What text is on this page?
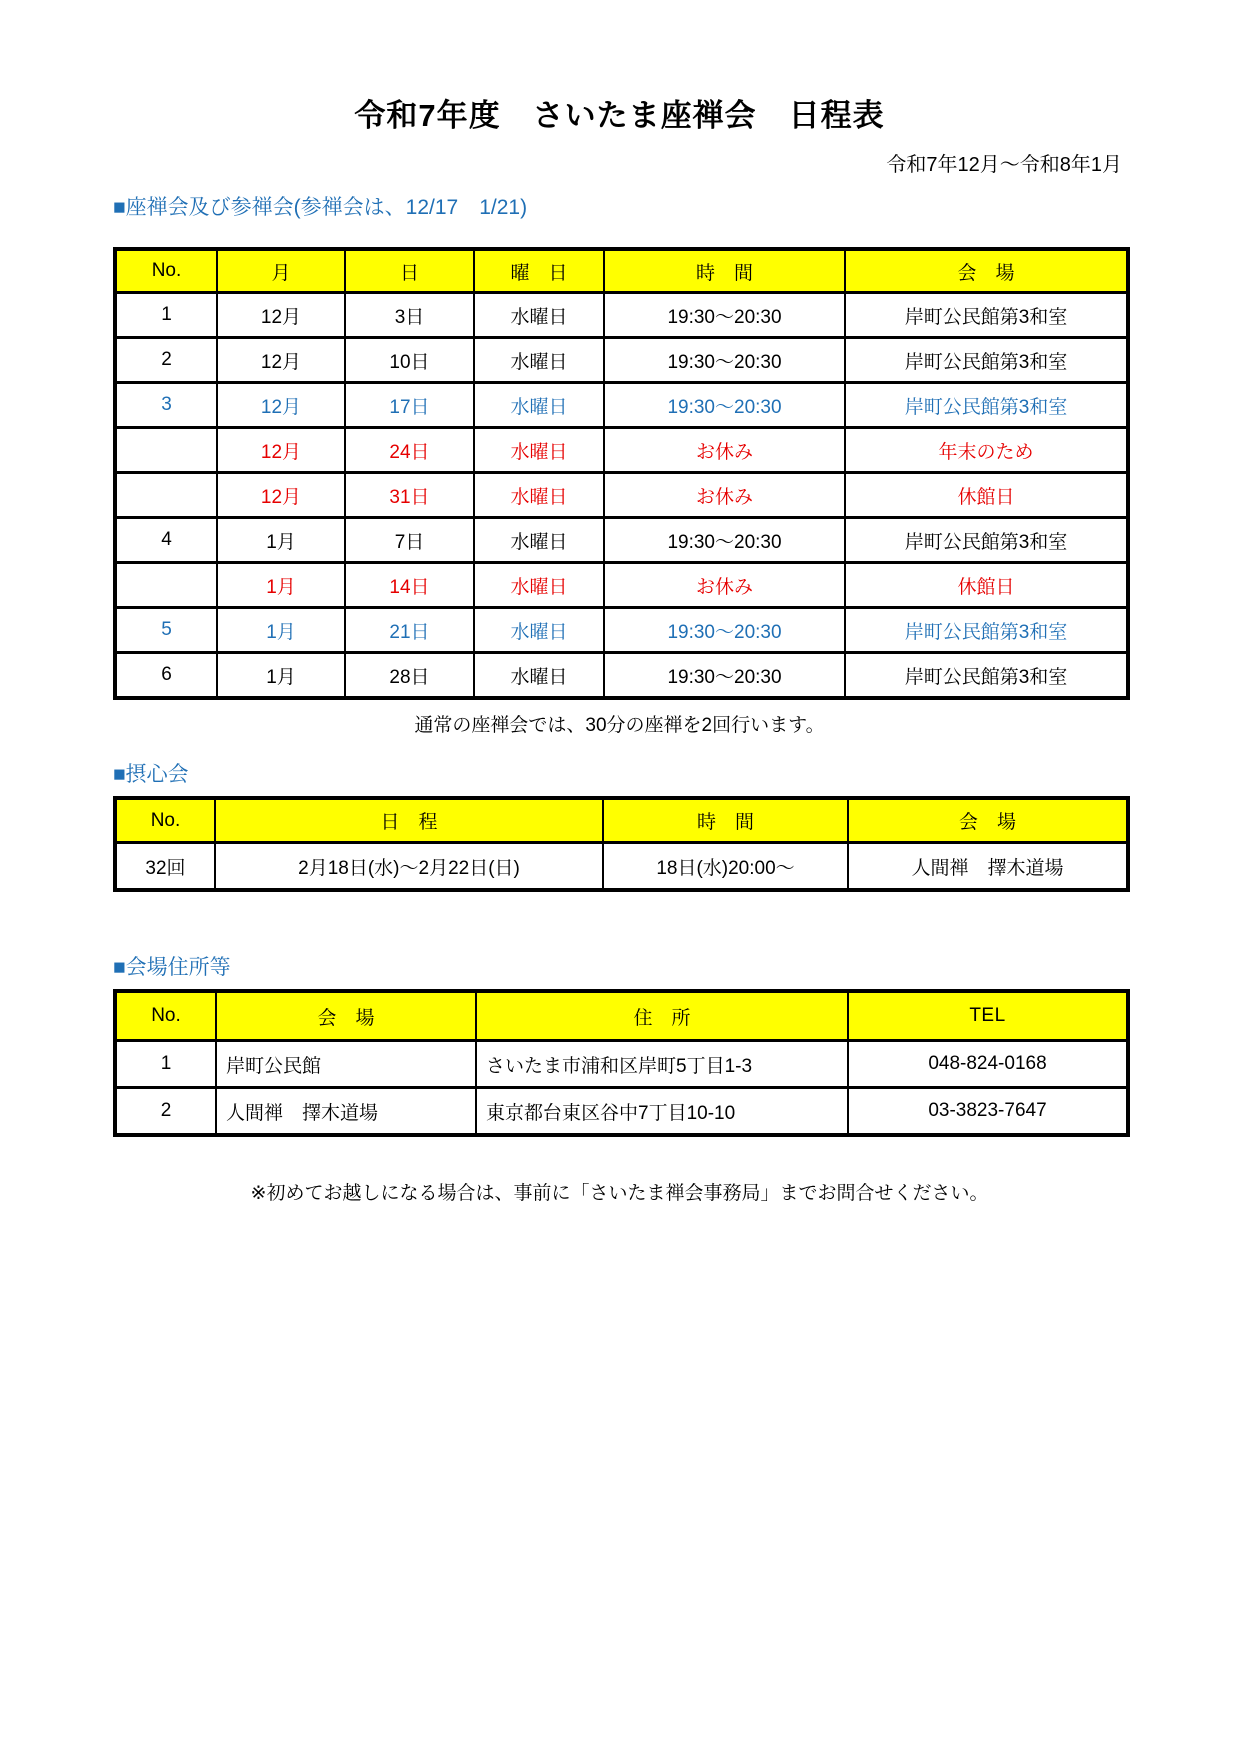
令和7年度　さいたま座禅会　日程表
令和7年12月～令和8年1月
■座禅会及び参禅会(参禅会は、12/17　1/21)
No.	月	日	曜　日	時　間	会　場
1	12月	3日	水曜日	19:30～20:30	岸町公民館第3和室
2	12月	10日	水曜日	19:30～20:30	岸町公民館第3和室
3	12月	17日	水曜日	19:30～20:30	岸町公民館第3和室
	12月	24日	水曜日	お休み	年末のため
	12月	31日	水曜日	お休み	休館日
4	1月	7日	水曜日	19:30～20:30	岸町公民館第3和室
	1月	14日	水曜日	お休み	休館日
5	1月	21日	水曜日	19:30～20:30	岸町公民館第3和室
6	1月	28日	水曜日	19:30～20:30	岸町公民館第3和室
通常の座禅会では、30分の座禅を2回行います。
■摂心会
No.	日　程	時　間	会　場
32回	2月18日(水)～2月22日(日)	18日(水)20:00～	人間禅　擇木道場
■会場住所等
No.	会　場	住　所	TEL
1	岸町公民館	さいたま市浦和区岸町5丁目1-3	048-824-0168
2	人間禅　擇木道場	東京都台東区谷中7丁目10-10	03-3823-7647
※初めてお越しになる場合は、事前に「さいたま禅会事務局」までお問合せください。
